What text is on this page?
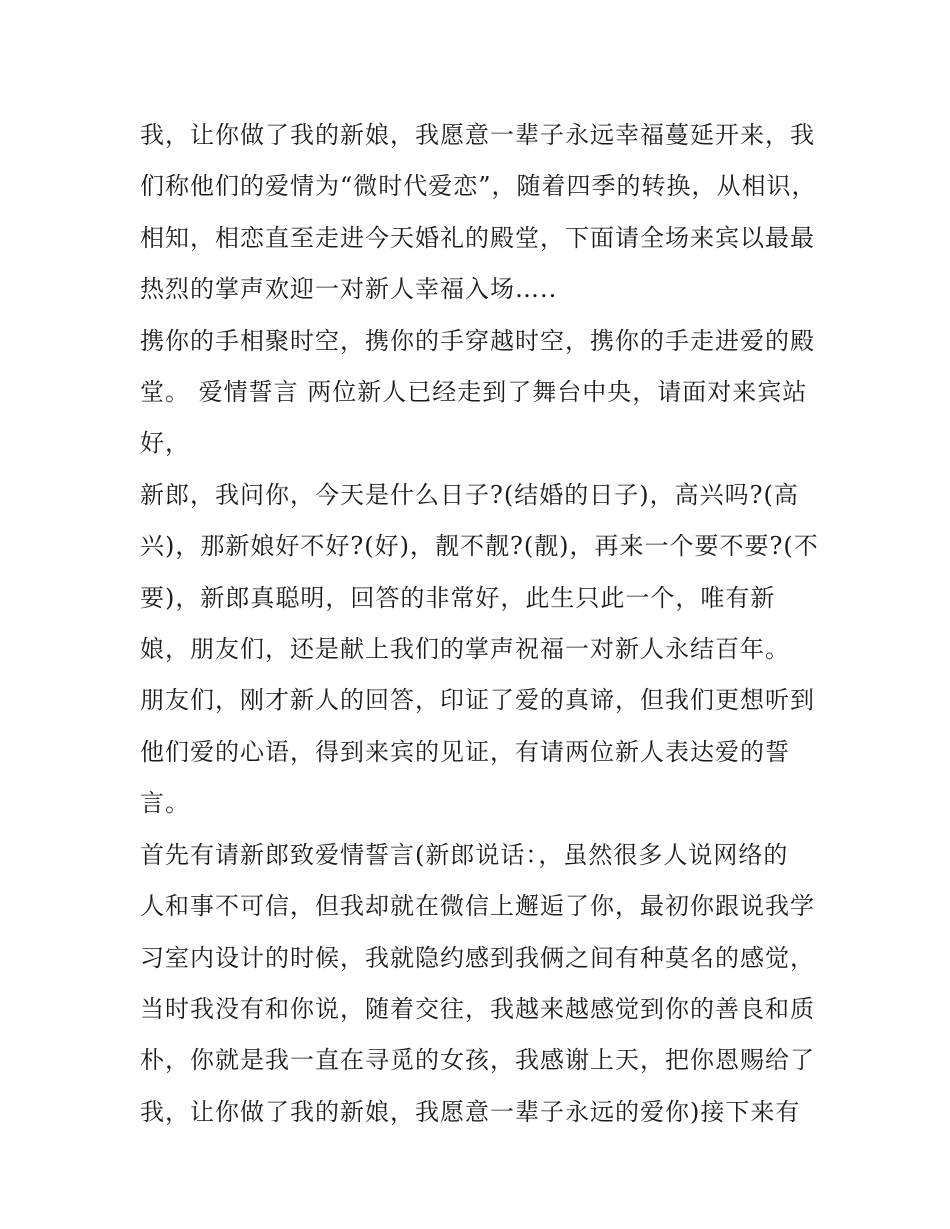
我，让你做了我的新娘，我愿意一辈子永远幸福蔓延开来，我

们称他们的爱情为“微时代爱恋”，随着四季的转换，从相识，

相知，相恋直至走进今天婚礼的殿堂，下面请全场来宾以最最

热烈的掌声欢迎一对新人幸福入场…..

携你的手相聚时空，携你的手穿越时空，携你的手走进爱的殿

堂。 爱情誓言 两位新人已经走到了舞台中央，请面对来宾站

好，

新郎，我问你，今天是什么日子?(结婚的日子)，高兴吗?(高

兴)，那新娘好不好?(好)，靓不靓?(靓)，再来一个要不要?(不

要)，新郎真聪明，回答的非常好，此生只此一个，唯有新

娘，朋友们，还是献上我们的掌声祝福一对新人永结百年。

朋友们，刚才新人的回答，印证了爱的真谛，但我们更想听到

他们爱的心语，得到来宾的见证，有请两位新人表达爱的誓

言。

首先有请新郎致爱情誓言(新郎说话：，虽然很多人说网络的

人和事不可信，但我却就在微信上邂逅了你，最初你跟说我学

习室内设计的时候，我就隐约感到我俩之间有种莫名的感觉，

当时我没有和你说，随着交往，我越来越感觉到你的善良和质

朴，你就是我一直在寻觅的女孩，我感谢上天，把你恩赐给了

我，让你做了我的新娘，我愿意一辈子永远的爱你)接下来有
